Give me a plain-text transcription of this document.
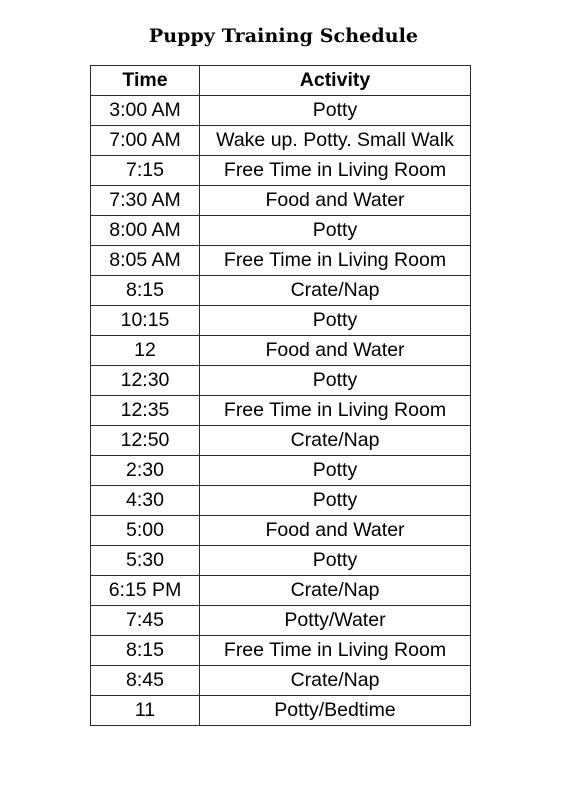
Puppy Training Schedule
Time	Activity
3:00 AM	Potty
7:00 AM	Wake up. Potty. Small Walk
7:15	Free Time in Living Room
7:30 AM	Food and Water
8:00 AM	Potty
8:05 AM	Free Time in Living Room
8:15	Crate/Nap
10:15	Potty
12	Food and Water
12:30	Potty
12:35	Free Time in Living Room
12:50	Crate/Nap
2:30	Potty
4:30	Potty
5:00	Food and Water
5:30	Potty
6:15 PM	Crate/Nap
7:45	Potty/Water
8:15	Free Time in Living Room
8:45	Crate/Nap
11	Potty/Bedtime
